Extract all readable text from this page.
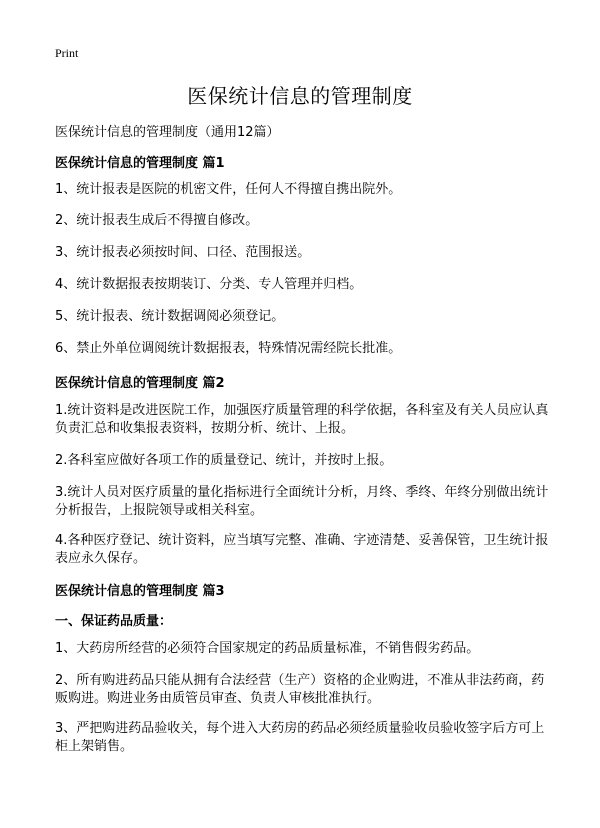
Print
医保统计信息的管理制度
医保统计信息的管理制度（通用12篇）
医保统计信息的管理制度 篇1
1、统计报表是医院的机密文件，任何人不得擅自携出院外。
2、统计报表生成后不得擅自修改。
3、统计报表必须按时间、口径、范围报送。
4、统计数据报表按期装订、分类、专人管理并归档。
5、统计报表、统计数据调阅必须登记。
6、禁止外单位调阅统计数据报表，特殊情况需经院长批准。
医保统计信息的管理制度 篇2
1.统计资料是改进医院工作，加强医疗质量管理的科学依据，各科室及有关人员应认真负责汇总和收集报表资料，按期分析、统计、上报。
2.各科室应做好各项工作的质量登记、统计，并按时上报。
3.统计人员对医疗质量的量化指标进行全面统计分析，月终、季终、年终分别做出统计分析报告，上报院领导或相关科室。
4.各种医疗登记、统计资料，应当填写完整、准确、字迹清楚、妥善保管，卫生统计报表应永久保存。
医保统计信息的管理制度 篇3
一、保证药品质量：
1、大药房所经营的必须符合国家规定的药品质量标准，不销售假劣药品。
2、所有购进药品只能从拥有合法经营（生产）资格的企业购进，不准从非法药商，药贩购进。购进业务由质管员审查、负责人审核批准执行。
3、严把购进药品验收关，每个进入大药房的药品必须经质量验收员验收签字后方可上柜上架销售。
